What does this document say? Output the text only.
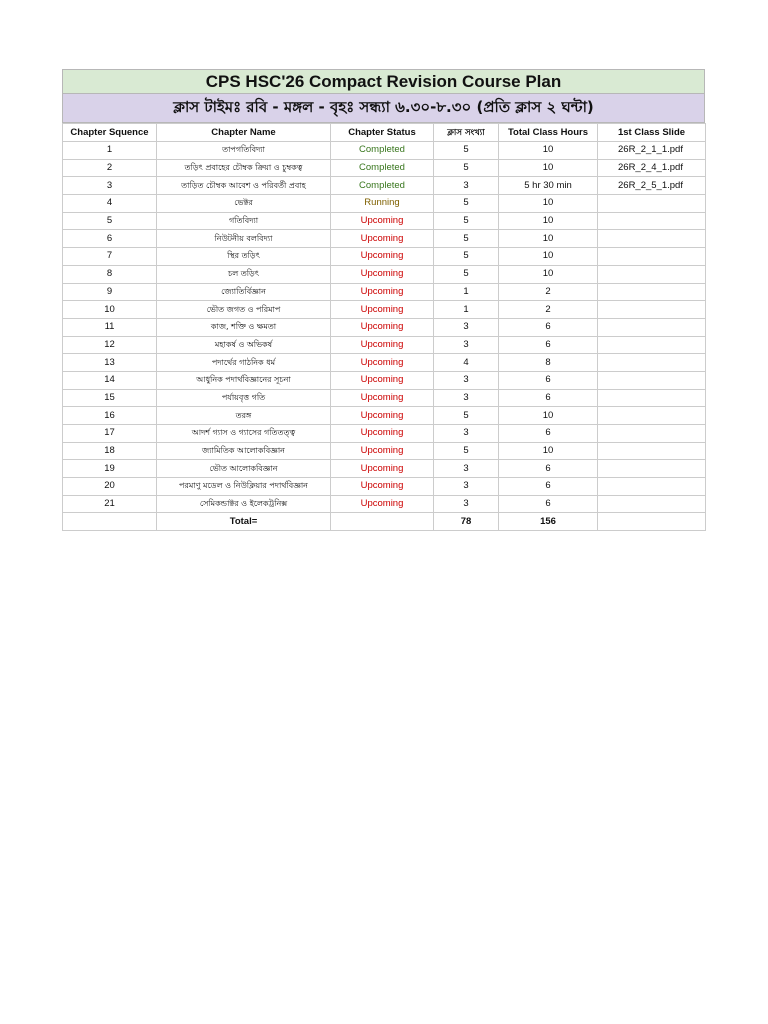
CPS HSC'26 Compact Revision Course Plan
ক্লাস টাইমঃ রবি - মঙ্গল - বৃহঃ সন্ধ্যা ৬.৩০-৮.৩০ (প্রতি ক্লাস ২ ঘন্টা)
Chapter Squence	Chapter Name	Chapter Status	ক্লাস সংখ্যা	Total Class Hours	1st Class Slide
1	তাপগতিবিদ্যা	Completed	5	10	26R_2_1_1.pdf
2	তড়িৎ প্রবাহের চৌম্বক ক্রিয়া ও চুম্বকত্ব	Completed	5	10	26R_2_4_1.pdf
3	তাড়িত চৌম্বক আবেশ ও পরিবর্তী প্রবাহ	Completed	3	5 hr 30 min	26R_2_5_1.pdf
4	ভেক্টর	Running	5	10	
5	গতিবিদ্যা	Upcoming	5	10	
6	নিউটনীয় বলবিদ্যা	Upcoming	5	10	
7	স্থির তড়িৎ	Upcoming	5	10	
8	চল তড়িৎ	Upcoming	5	10	
9	জ্যোতির্বিজ্ঞান	Upcoming	1	2	
10	ভৌত জগত ও পরিমাপ	Upcoming	1	2	
11	কাজ, শক্তি ও ক্ষমতা	Upcoming	3	6	
12	মহাকর্ষ ও অভিকর্ষ	Upcoming	3	6	
13	পদার্থের গাঠনিক ধর্ম	Upcoming	4	8	
14	আধুনিক পদার্থবিজ্ঞানের সূচনা	Upcoming	3	6	
15	পর্যায়বৃত্ত গতি	Upcoming	3	6	
16	তরঙ্গ	Upcoming	5	10	
17	আদর্শ গ্যাস ও গ্যাসের গতিতত্ত্ব	Upcoming	3	6	
18	জ্যামিতিক আলোকবিজ্ঞান	Upcoming	5	10	
19	ভৌত আলোকবিজ্ঞান	Upcoming	3	6	
20	পরমাণু মডেল ও নিউক্লিয়ার পদার্থবিজ্ঞান	Upcoming	3	6	
21	সেমিকন্ডাক্টর ও ইলেকট্রনিক্স	Upcoming	3	6	
	Total=		78	156	
